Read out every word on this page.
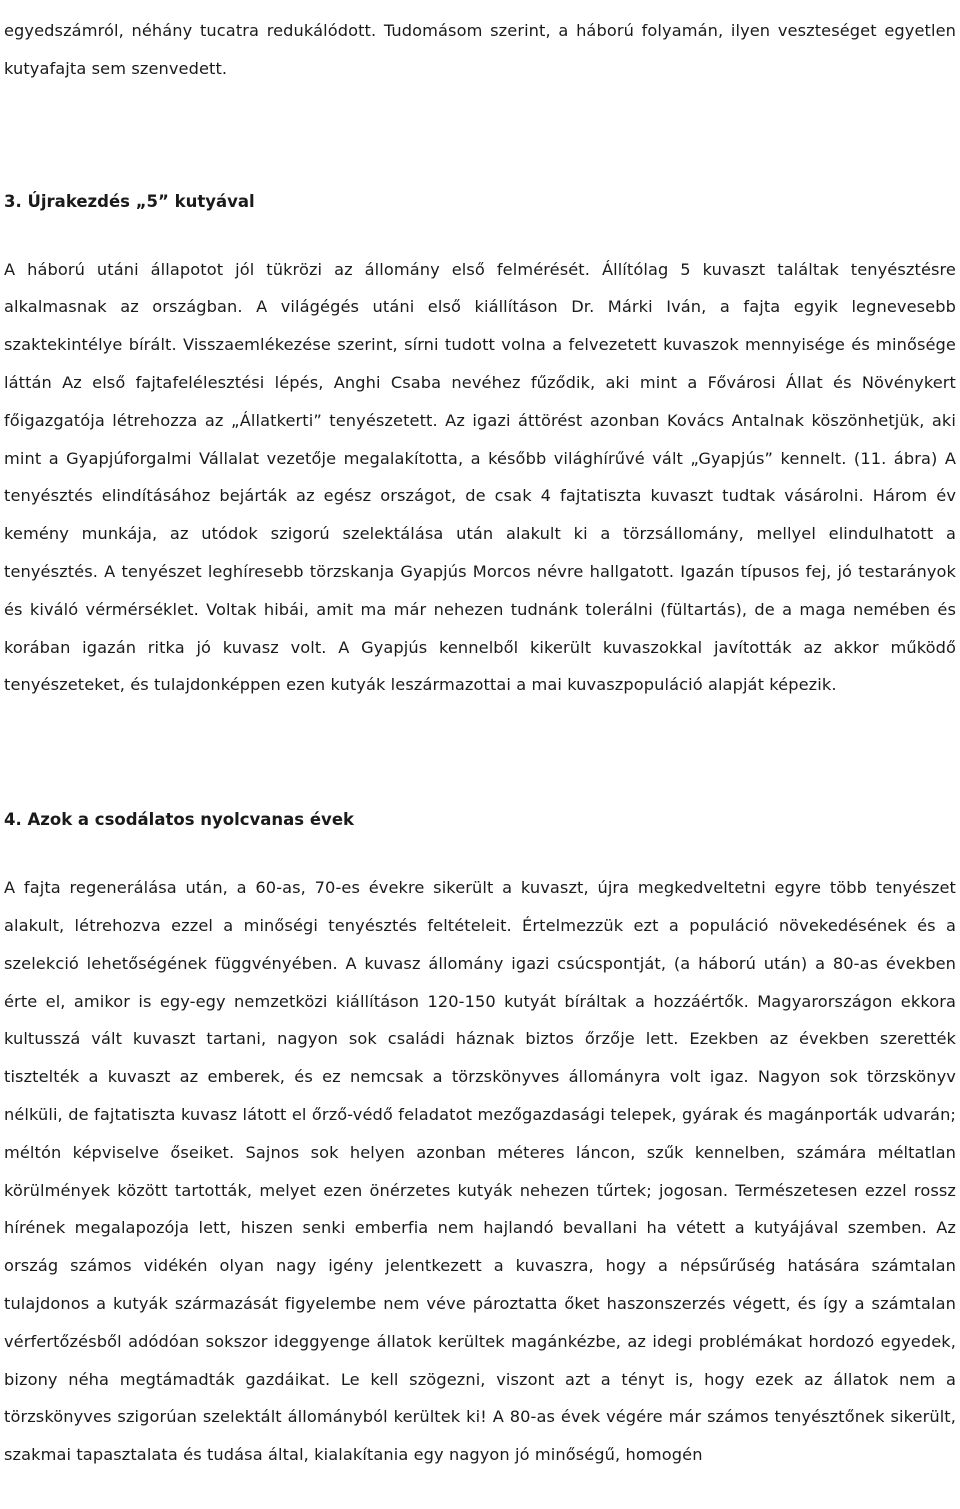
egyedszámról, néhány tucatra redukálódott. Tudomásom szerint, a háború folyamán, ilyen veszteséget egyetlen kutyafajta sem szenvedett.

3. Újrakezdés „5” kutyával

A háború utáni állapotot jól tükrözi az állomány első felmérését. Állítólag 5 kuvaszt találtak tenyésztésre alkalmasnak az országban. A világégés utáni első kiállításon Dr. Márki Iván, a fajta egyik legnevesebb szaktekintélye bírált. Visszaemlékezése szerint, sírni tudott volna a felvezetett kuvaszok mennyisége és minősége láttán Az első fajtafelélesztési lépés, Anghi Csaba nevéhez fűződik, aki mint a Fővárosi Állat és Növénykert főigazgatója létrehozza az „Állatkerti” tenyészetett. Az igazi áttörést azonban Kovács Antalnak köszönhetjük, aki mint a Gyapjúforgalmi Vállalat vezetője megalakította, a később világhírűvé vált „Gyapjús” kennelt. (11. ábra) A tenyésztés elindításához bejárták az egész országot, de csak 4 fajtatiszta kuvaszt tudtak vásárolni. Három év kemény munkája, az utódok szigorú szelektálása után alakult ki a törzsállomány, mellyel elindulhatott a tenyésztés. A tenyészet leghíresebb törzskanja Gyapjús Morcos névre hallgatott. Igazán típusos fej, jó testarányok és kiváló vérmérséklet. Voltak hibái, amit ma már nehezen tudnánk tolerálni (fültartás), de a maga nemében és korában igazán ritka jó kuvasz volt. A Gyapjús kennelből kikerült kuvaszokkal javították az akkor működő tenyészeteket, és tulajdonképpen ezen kutyák leszármazottai a mai kuvaszpopuláció alapját képezik.

4. Azok a csodálatos nyolcvanas évek

A fajta regenerálása után, a 60-as, 70-es évekre sikerült a kuvaszt, újra megkedveltetni egyre több tenyészet alakult, létrehozva ezzel a minőségi tenyésztés feltételeit. Értelmezzük ezt a populáció növekedésének és a szelekció lehetőségének függvényében. A kuvasz állomány igazi csúcspontját, (a háború után) a 80-as években érte el, amikor is egy-egy nemzetközi kiállításon 120-150 kutyát bíráltak a hozzáértők. Magyarországon ekkora kultusszá vált kuvaszt tartani, nagyon sok családi háznak biztos őrzője lett. Ezekben az években szerették tisztelték a kuvaszt az emberek, és ez nemcsak a törzskönyves állományra volt igaz. Nagyon sok törzskönyv nélküli, de fajtatiszta kuvasz látott el őrző-védő feladatot mezőgazdasági telepek, gyárak és magánporták udvarán; méltón képviselve őseiket. Sajnos sok helyen azonban méteres láncon, szűk kennelben, számára méltatlan körülmények között tartották, melyet ezen önérzetes kutyák nehezen tűrtek; jogosan. Természetesen ezzel rossz hírének megalapozója lett, hiszen senki emberfia nem hajlandó bevallani ha vétett a kutyájával szemben. Az ország számos vidékén olyan nagy igény jelentkezett a kuvaszra, hogy a népsűrűség hatására számtalan tulajdonos a kutyák származását figyelembe nem véve pároztatta őket haszonszerzés végett, és így a számtalan vérfertőzésből adódóan sokszor ideggyenge állatok kerültek magánkézbe, az idegi problémákat hordozó egyedek, bizony néha megtámadták gazdáikat. Le kell szögezni, viszont azt a tényt is, hogy ezek az állatok nem a törzskönyves szigorúan szelektált állományból kerültek ki! A 80-as évek végére már számos tenyésztőnek sikerült, szakmai tapasztalata és tudása által, kialakítania egy nagyon jó minőségű, homogén
